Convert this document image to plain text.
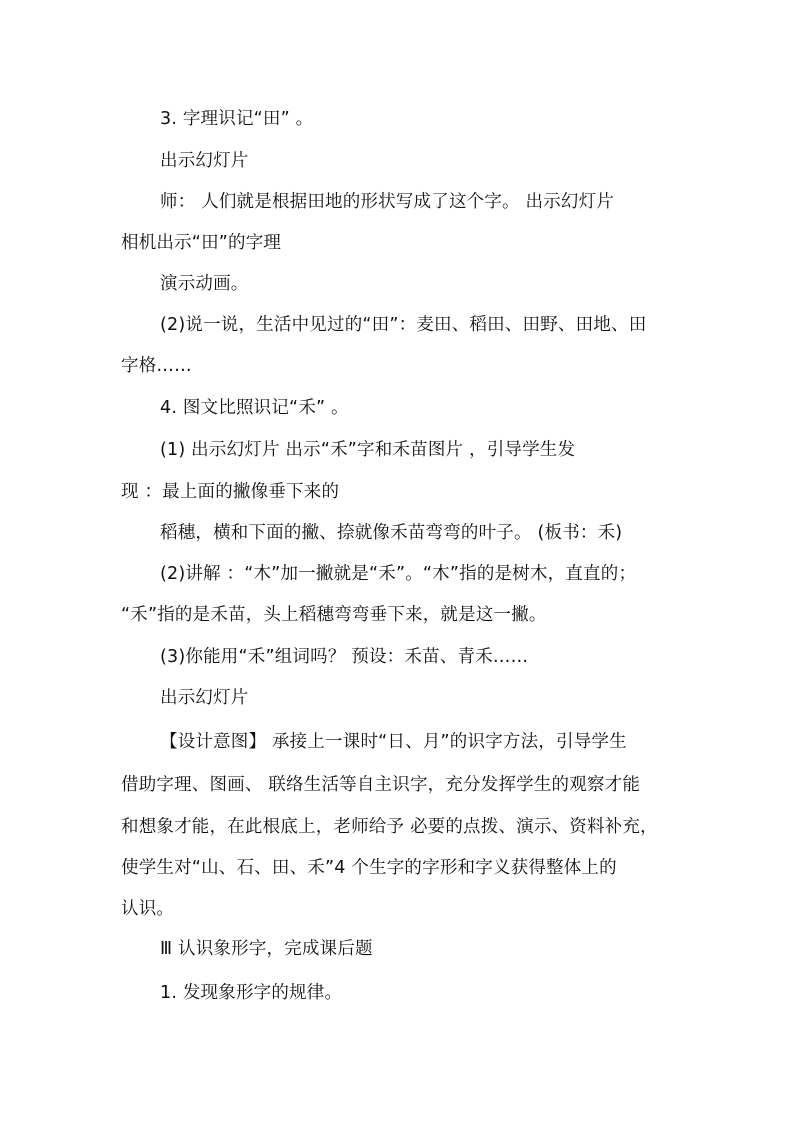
3. 字理识记“田” 。
出示幻灯片
师： 人们就是根据田地的形状写成了这个字。 出示幻灯片
相机出示“田”的字理
演示动画。
(2)说一说，生活中见过的“田”：麦田、稻田、田野、田地、田
字格……
4. 图文比照识记“禾” 。
(1) 出示幻灯片 出示“禾”字和禾苗图片 ，引导学生发
现 ：最上面的撇像垂下来的
稻穗，横和下面的撇、捺就像禾苗弯弯的叶子。 (板书：禾)
(2)讲解 ：“木”加一撇就是“禾”。“木”指的是树木，直直的；
“禾”指的是禾苗，头上稻穗弯弯垂下来，就是这一撇。
(3)你能用“禾”组词吗？ 预设：禾苗、青禾……
出示幻灯片
【设计意图】 承接上一课时“日、月”的识字方法，引导学生
借助字理、图画、 联络生活等自主识字，充分发挥学生的观察才能
和想象才能，在此根底上，老师给予 必要的点拨、演示、资料补充，
使学生对“山、石、田、禾”4 个生字的字形和字义获得整体上的
认识。
Ⅲ 认识象形字，完成课后题
1. 发现象形字的规律。
